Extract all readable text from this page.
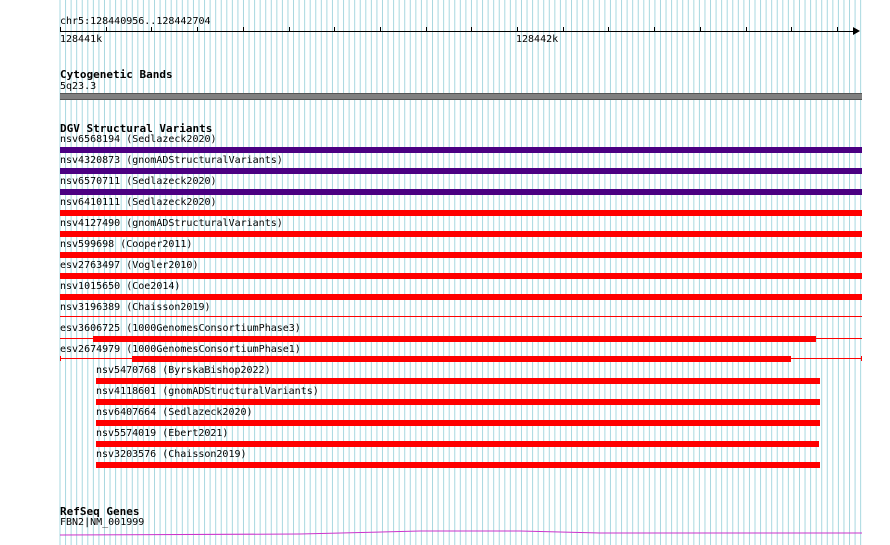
chr5:128440956..128442704
128441k	128442k
Cytogenetic Bands
5q23.3
DGV Structural Variants
nsv6568194 (Sedlazeck2020)
nsv4320873 (gnomADStructuralVariants)
nsv6570711 (Sedlazeck2020)
nsv6410111 (Sedlazeck2020)
nsv4127490 (gnomADStructuralVariants)
nsv599698 (Cooper2011)
esv2763497 (Vogler2010)
nsv1015650 (Coe2014)
nsv3196389 (Chaisson2019)
esv3606725 (1000GenomesConsortiumPhase3)
esv2674979 (1000GenomesConsortiumPhase1)
nsv5470768 (ByrskaBishop2022)
nsv4118601 (gnomADStructuralVariants)
nsv6407664 (Sedlazeck2020)
nsv5574019 (Ebert2021)
nsv3203576 (Chaisson2019)
RefSeq Genes
FBN2|NM_001999
